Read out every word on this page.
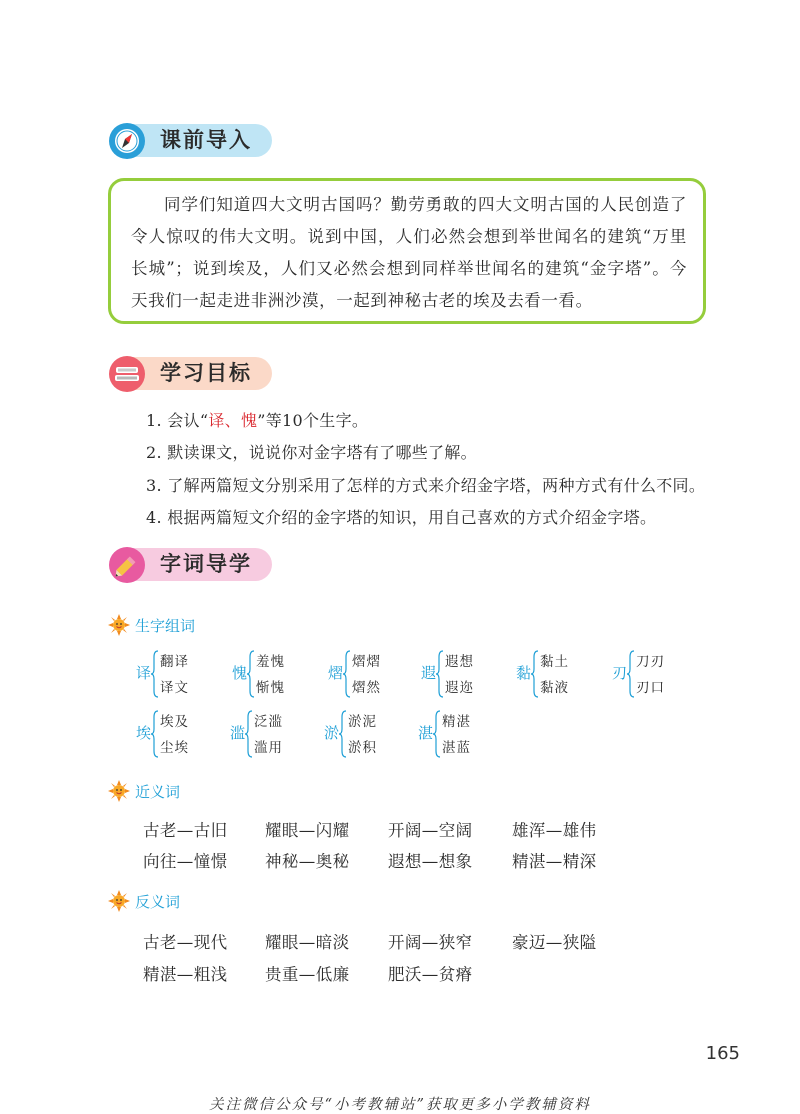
课前导入
同学们知道四大文明古国吗？勤劳勇敢的四大文明古国的人民创造了令人惊叹的伟大文明。说到中国，人们必然会想到举世闻名的建筑“万里长城”；说到埃及，人们又必然会想到同样举世闻名的建筑“金字塔”。今天我们一起走进非洲沙漠，一起到神秘古老的埃及去看一看。
学习目标
1. 会认“译、愧”等10个生字。
2. 默读课文，说说你对金字塔有了哪些了解。
3. 了解两篇短文分别采用了怎样的方式来介绍金字塔，两种方式有什么不同。
4. 根据两篇短文介绍的金字塔的知识，用自己喜欢的方式介绍金字塔。
字词导学
生字组词
译
翻译
译文
愧
羞愧
惭愧
熠
熠熠
熠然
遐
遐想
遐迩
黏
黏土
黏液
刃
刀刃
刃口
埃
埃及
尘埃
滥
泛滥
滥用
淤
淤泥
淤积
湛
精湛
湛蓝
近义词
古老—古旧 耀眼—闪耀 开阔—空阔 雄浑—雄伟
向往—憧憬 神秘—奥秘 遐想—想象 精湛—精深
反义词
古老—现代 耀眼—暗淡 开阔—狭窄 豪迈—狭隘
精湛—粗浅 贵重—低廉 肥沃—贫瘠
165
关注微信公众号“小考教辅站”获取更多小学教辅资料
